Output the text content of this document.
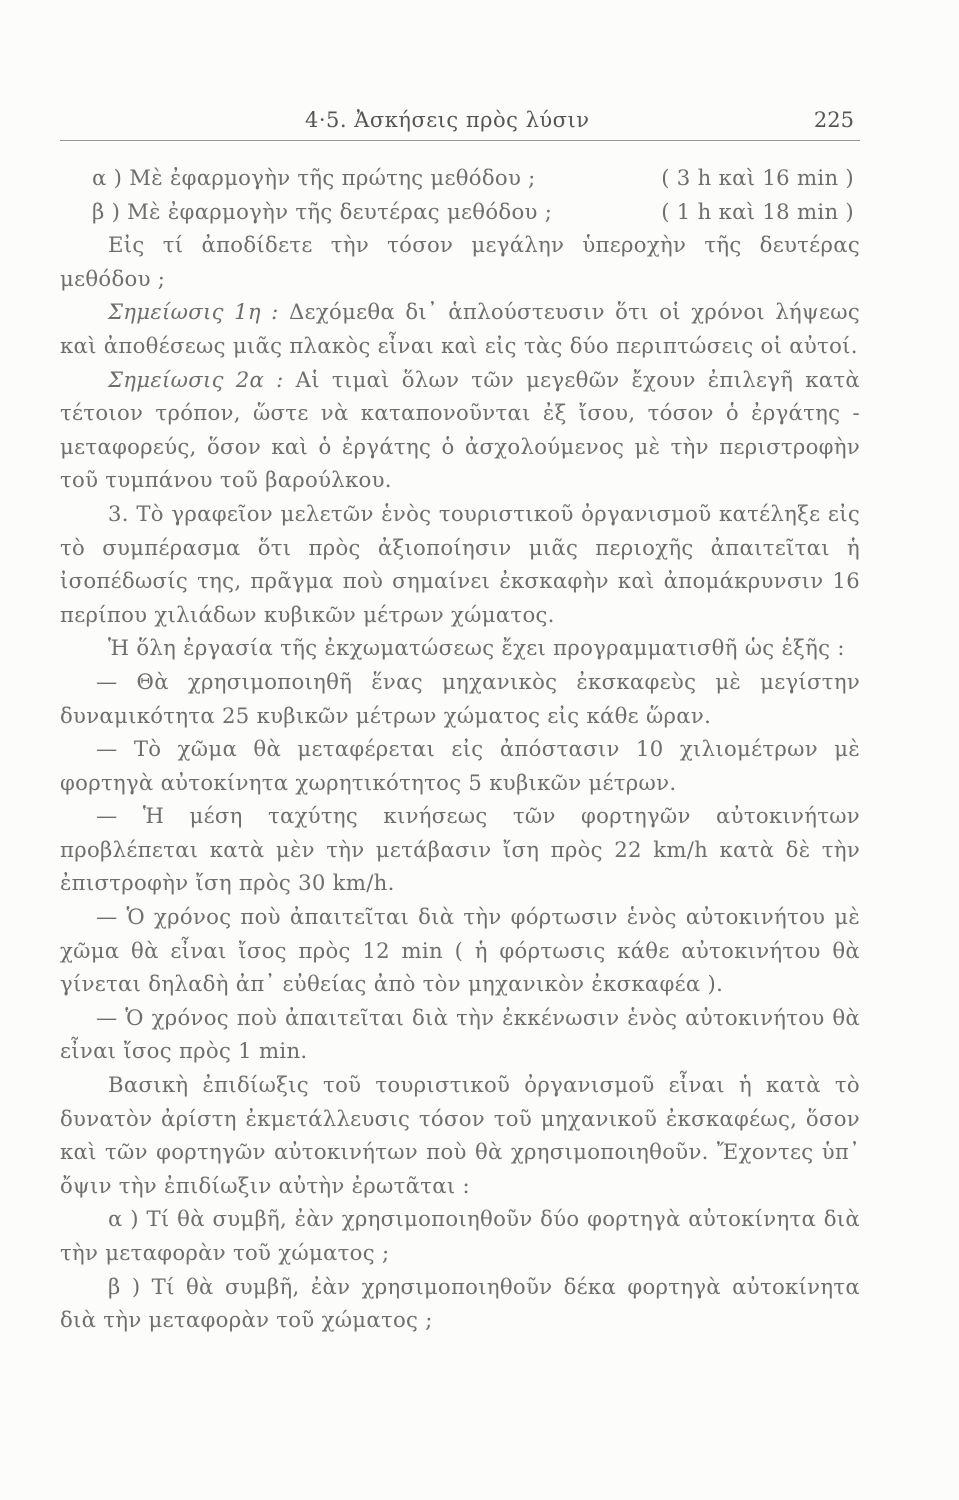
4·5. Ἀσκήσεις πρὸς λύσιν	225

α ) Μὲ ἐφαρμογὴν τῆς πρώτης μεθόδου ;	( 3 h καὶ 16 min )

β ) Μὲ ἐφαρμογὴν τῆς δευτέρας μεθόδου ;	( 1 h καὶ 18 min )

Εἰς τί ἀποδίδετε τὴν τόσον μεγάλην ὑπεροχὴν τῆς δευτέρας μεθόδου ;

Σημείωσις 1η : Δεχόμεθα δι᾽ ἁπλούστευσιν ὅτι οἱ χρόνοι λήψεως καὶ ἀποθέσεως μιᾶς πλακὸς εἶναι καὶ εἰς τὰς δύο περιπτώσεις οἱ αὐτοί.

Σημείωσις 2α : Αἱ τιμαὶ ὅλων τῶν μεγεθῶν ἔχουν ἐπιλεγῆ κατὰ τέτοιον τρόπον, ὥστε νὰ καταπονοῦνται ἐξ ἴσου, τόσον ὁ ἐργάτης - μεταφορεύς, ὅσον καὶ ὁ ἐργάτης ὁ ἀσχολούμενος μὲ τὴν περιστροφὴν τοῦ τυμπάνου τοῦ βαρούλκου.

3. Τὸ γραφεῖον μελετῶν ἑνὸς τουριστικοῦ ὀργανισμοῦ κατέληξε εἰς τὸ συμπέρασμα ὅτι πρὸς ἀξιοποίησιν μιᾶς περιοχῆς ἀπαιτεῖται ἡ ἰσοπέδωσίς της, πρᾶγμα ποὺ σημαίνει ἐκσκαφὴν καὶ ἀπομάκρυνσιν 16 περίπου χιλιάδων κυβικῶν μέτρων χώματος.

Ἡ ὅλη ἐργασία τῆς ἐκχωματώσεως ἔχει προγραμματισθῆ ὡς ἑξῆς :

— Θὰ χρησιμοποιηθῆ ἕνας μηχανικὸς ἐκσκαφεὺς μὲ μεγίστην δυναμικότητα 25 κυβικῶν μέτρων χώματος εἰς κάθε ὥραν.

— Τὸ χῶμα θὰ μεταφέρεται εἰς ἀπόστασιν 10 χιλιομέτρων μὲ φορτηγὰ αὐτοκίνητα χωρητικότητος 5 κυβικῶν μέτρων.

— Ἡ μέση ταχύτης κινήσεως τῶν φορτηγῶν αὐτοκινήτων προβλέπεται κατὰ μὲν τὴν μετάβασιν ἴση πρὸς 22 km/h κατὰ δὲ τὴν ἐπιστροφὴν ἴση πρὸς 30 km/h.

— Ὁ χρόνος ποὺ ἀπαιτεῖται διὰ τὴν φόρτωσιν ἑνὸς αὐτοκινήτου μὲ χῶμα θὰ εἶναι ἴσος πρὸς 12 min ( ἡ φόρτωσις κάθε αὐτοκινήτου θὰ γίνεται δηλαδὴ ἀπ᾽ εὐθείας ἀπὸ τὸν μηχανικὸν ἐκσκαφέα ).

— Ὁ χρόνος ποὺ ἀπαιτεῖται διὰ τὴν ἐκκένωσιν ἑνὸς αὐτοκινήτου θὰ εἶναι ἴσος πρὸς 1 min.

Βασικὴ ἐπιδίωξις τοῦ τουριστικοῦ ὀργανισμοῦ εἶναι ἡ κατὰ τὸ δυνατὸν ἀρίστη ἐκμετάλλευσις τόσον τοῦ μηχανικοῦ ἐκσκαφέως, ὅσον καὶ τῶν φορτηγῶν αὐτοκινήτων ποὺ θὰ χρησιμοποιηθοῦν. Ἔχοντες ὑπ᾽ ὄψιν τὴν ἐπιδίωξιν αὐτὴν ἐρωτᾶται :

α ) Τί θὰ συμβῆ, ἐὰν χρησιμοποιηθοῦν δύο φορτηγὰ αὐτοκίνητα διὰ τὴν μεταφορὰν τοῦ χώματος ;

β ) Τί θὰ συμβῆ, ἐὰν χρησιμοποιηθοῦν δέκα φορτηγὰ αὐτοκίνητα διὰ τὴν μεταφορὰν τοῦ χώματος ;
